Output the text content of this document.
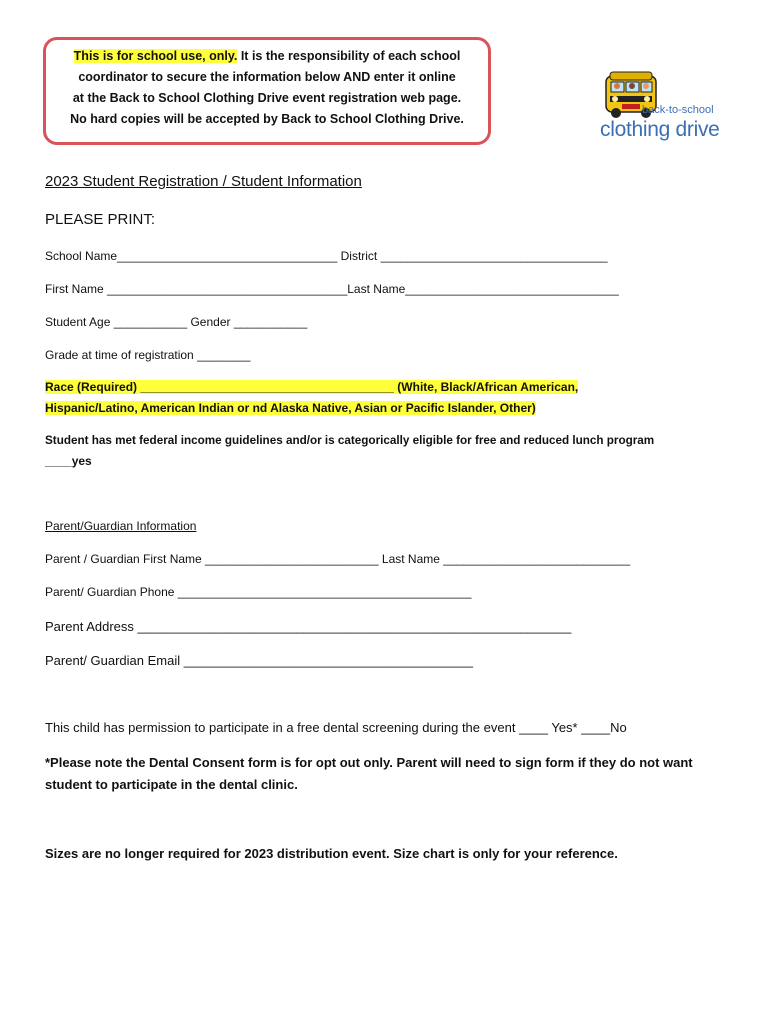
This is for school use, only. It is the responsibility of each school
coordinator to secure the information below AND enter it online
at the Back to School Clothing Drive event registration web page.
No hard copies will be accepted by Back to School Clothing Drive.
back-to-school
clothing drive
2023 Student Registration / Student Information
PLEASE PRINT:
School Name_________________________________ District __________________________________
First Name ____________________________________Last Name________________________________
Student Age ___________ Gender ___________
Grade at time of registration ________
Race (Required) ______________________________________ (White, Black/African American,
Hispanic/Latino, American Indian or nd Alaska Native, Asian or Pacific Islander, Other)
Student has met federal income guidelines and/or is categorically eligible for free and reduced lunch program
____yes
Parent/Guardian Information
Parent / Guardian First Name __________________________ Last Name ____________________________
Parent/ Guardian Phone ____________________________________________
Parent Address ____________________________________________________________
Parent/ Guardian Email ________________________________________
This child has permission to participate in a free dental screening during the event ____ Yes* ____No
*Please note the Dental Consent form is for opt out only. Parent will need to sign form if they do not want
student to participate in the dental clinic.
Sizes are no longer required for 2023 distribution event. Size chart is only for your reference.
